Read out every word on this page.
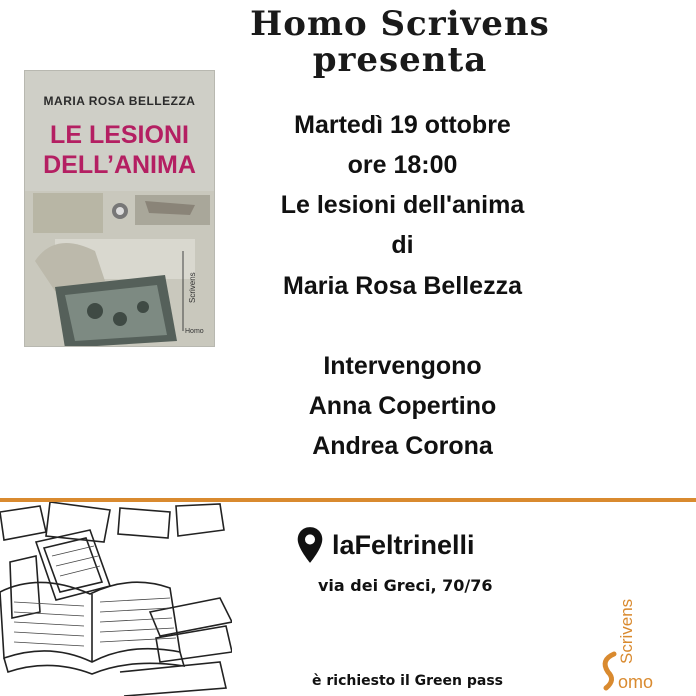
Homo Scrivens
presenta
MARIA ROSA BELLEZZA
LE LESIONI
DELL’ANIMA
Scrivens
Homo
Martedì 19 ottobre
ore 18:00
Le lesioni dell'anima
di
Maria Rosa Bellezza
Intervengono
Anna Copertino
Andrea Corona
laFeltrinelli
via dei Greci, 70/76
è richiesto il Green pass
Scrivens
omo
